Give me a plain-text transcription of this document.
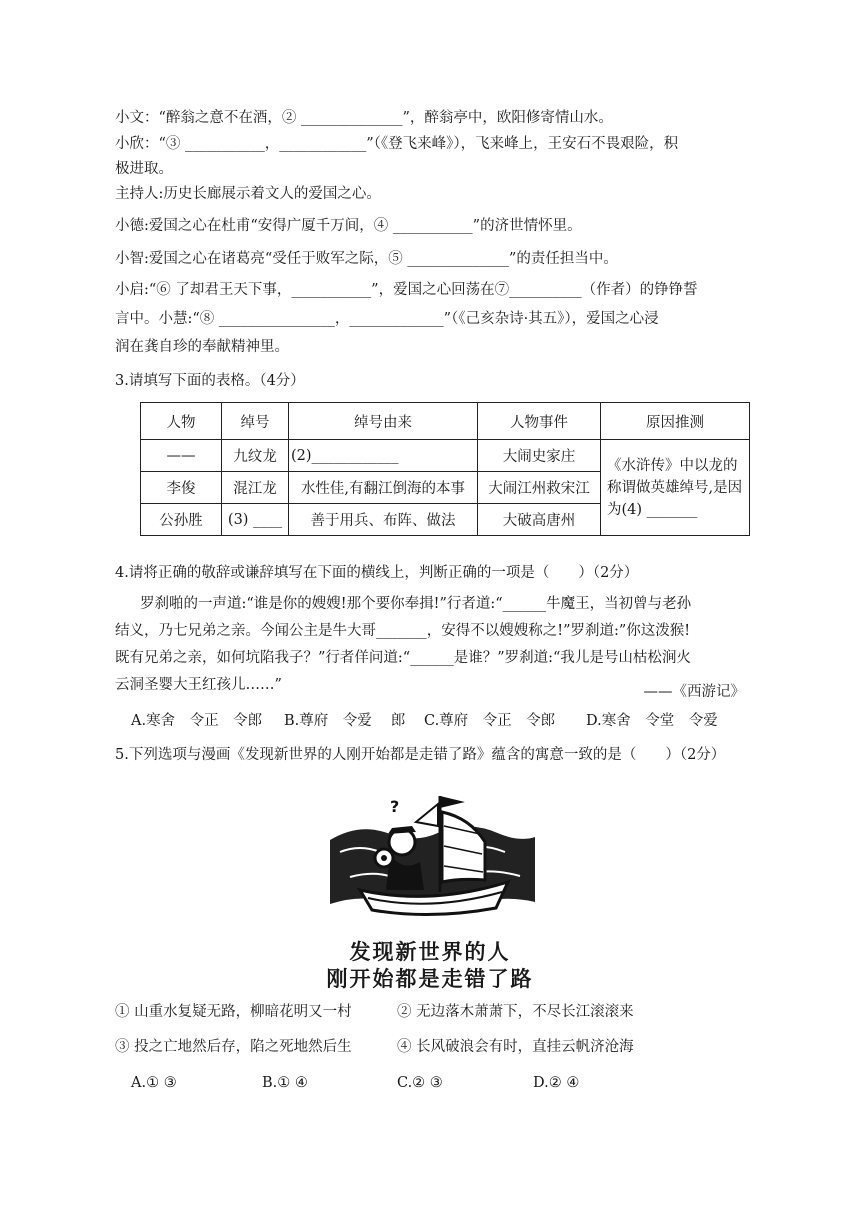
小文：“醉翁之意不在酒，② ______________”，醉翁亭中，欧阳修寄情山水。
小欣：“③ ___________，____________”（《登飞来峰》），飞来峰上，王安石不畏艰险，积
极进取。
主持人:历史长廊展示着文人的爱国之心。
小德:爱国之心在杜甫“安得广厦千万间，④ ___________”的济世情怀里。
小智:爱国之心在诸葛亮“受任于败军之际，⑤ ______________”的责任担当中。
小启:“⑥ 了却君王天下事，___________”，爱国之心回荡在⑦__________（作者）的铮铮誓
言中。小慧:“⑧ ________________，_____________”（《己亥杂诗·其五》），爱国之心浸
润在龚自珍的奉献精神里。
3.请填写下面的表格。（4分）
人物	绰号	绰号由来	人物事件	原因推测
——	九纹龙	(2)____________	大闹史家庄	《水浒传》中以龙的称谓做英雄绰号,是因为(4) _______
李俊	混江龙	水性佳,有翻江倒海的本事	大闹江州救宋江	
公孙胜	(3) ____	善于用兵、布阵、做法	大破高唐州	
4.请将正确的敬辞或谦辞填写在下面的横线上，判断正确的一项是（　　）（2分）
罗刹啪的一声道:“谁是你的嫂嫂!那个要你奉揖!”行者道:“______牛魔王，当初曾与老孙
结义，乃七兄弟之亲。今闻公主是牛大哥_______，安得不以嫂嫂称之!”罗刹道:”你这泼猴!
既有兄弟之亲，如何坑陷我子？”行者佯问道:“______是谁？”罗刹道:“我儿是号山枯松涧火
云洞圣婴大王红孩儿……”	——《西游记》
A.寒舍　令正　令郎 B.尊府　令爱　 郎 C.尊府　令正　令郎 D.寒舍　令堂　令爱
5.下列选项与漫画《发现新世界的人刚开始都是走错了路》蕴含的寓意一致的是（　　）（2分）
?
发现新世界的人
刚开始都是走错了路
① 山重水复疑无路，柳暗花明又一村	② 无边落木萧萧下，不尽长江滚滚来
③ 投之亡地然后存，陷之死地然后生	④ 长风破浪会有时，直挂云帆济沧海
A.① ③	B.① ④	C.② ③	D.② ④
